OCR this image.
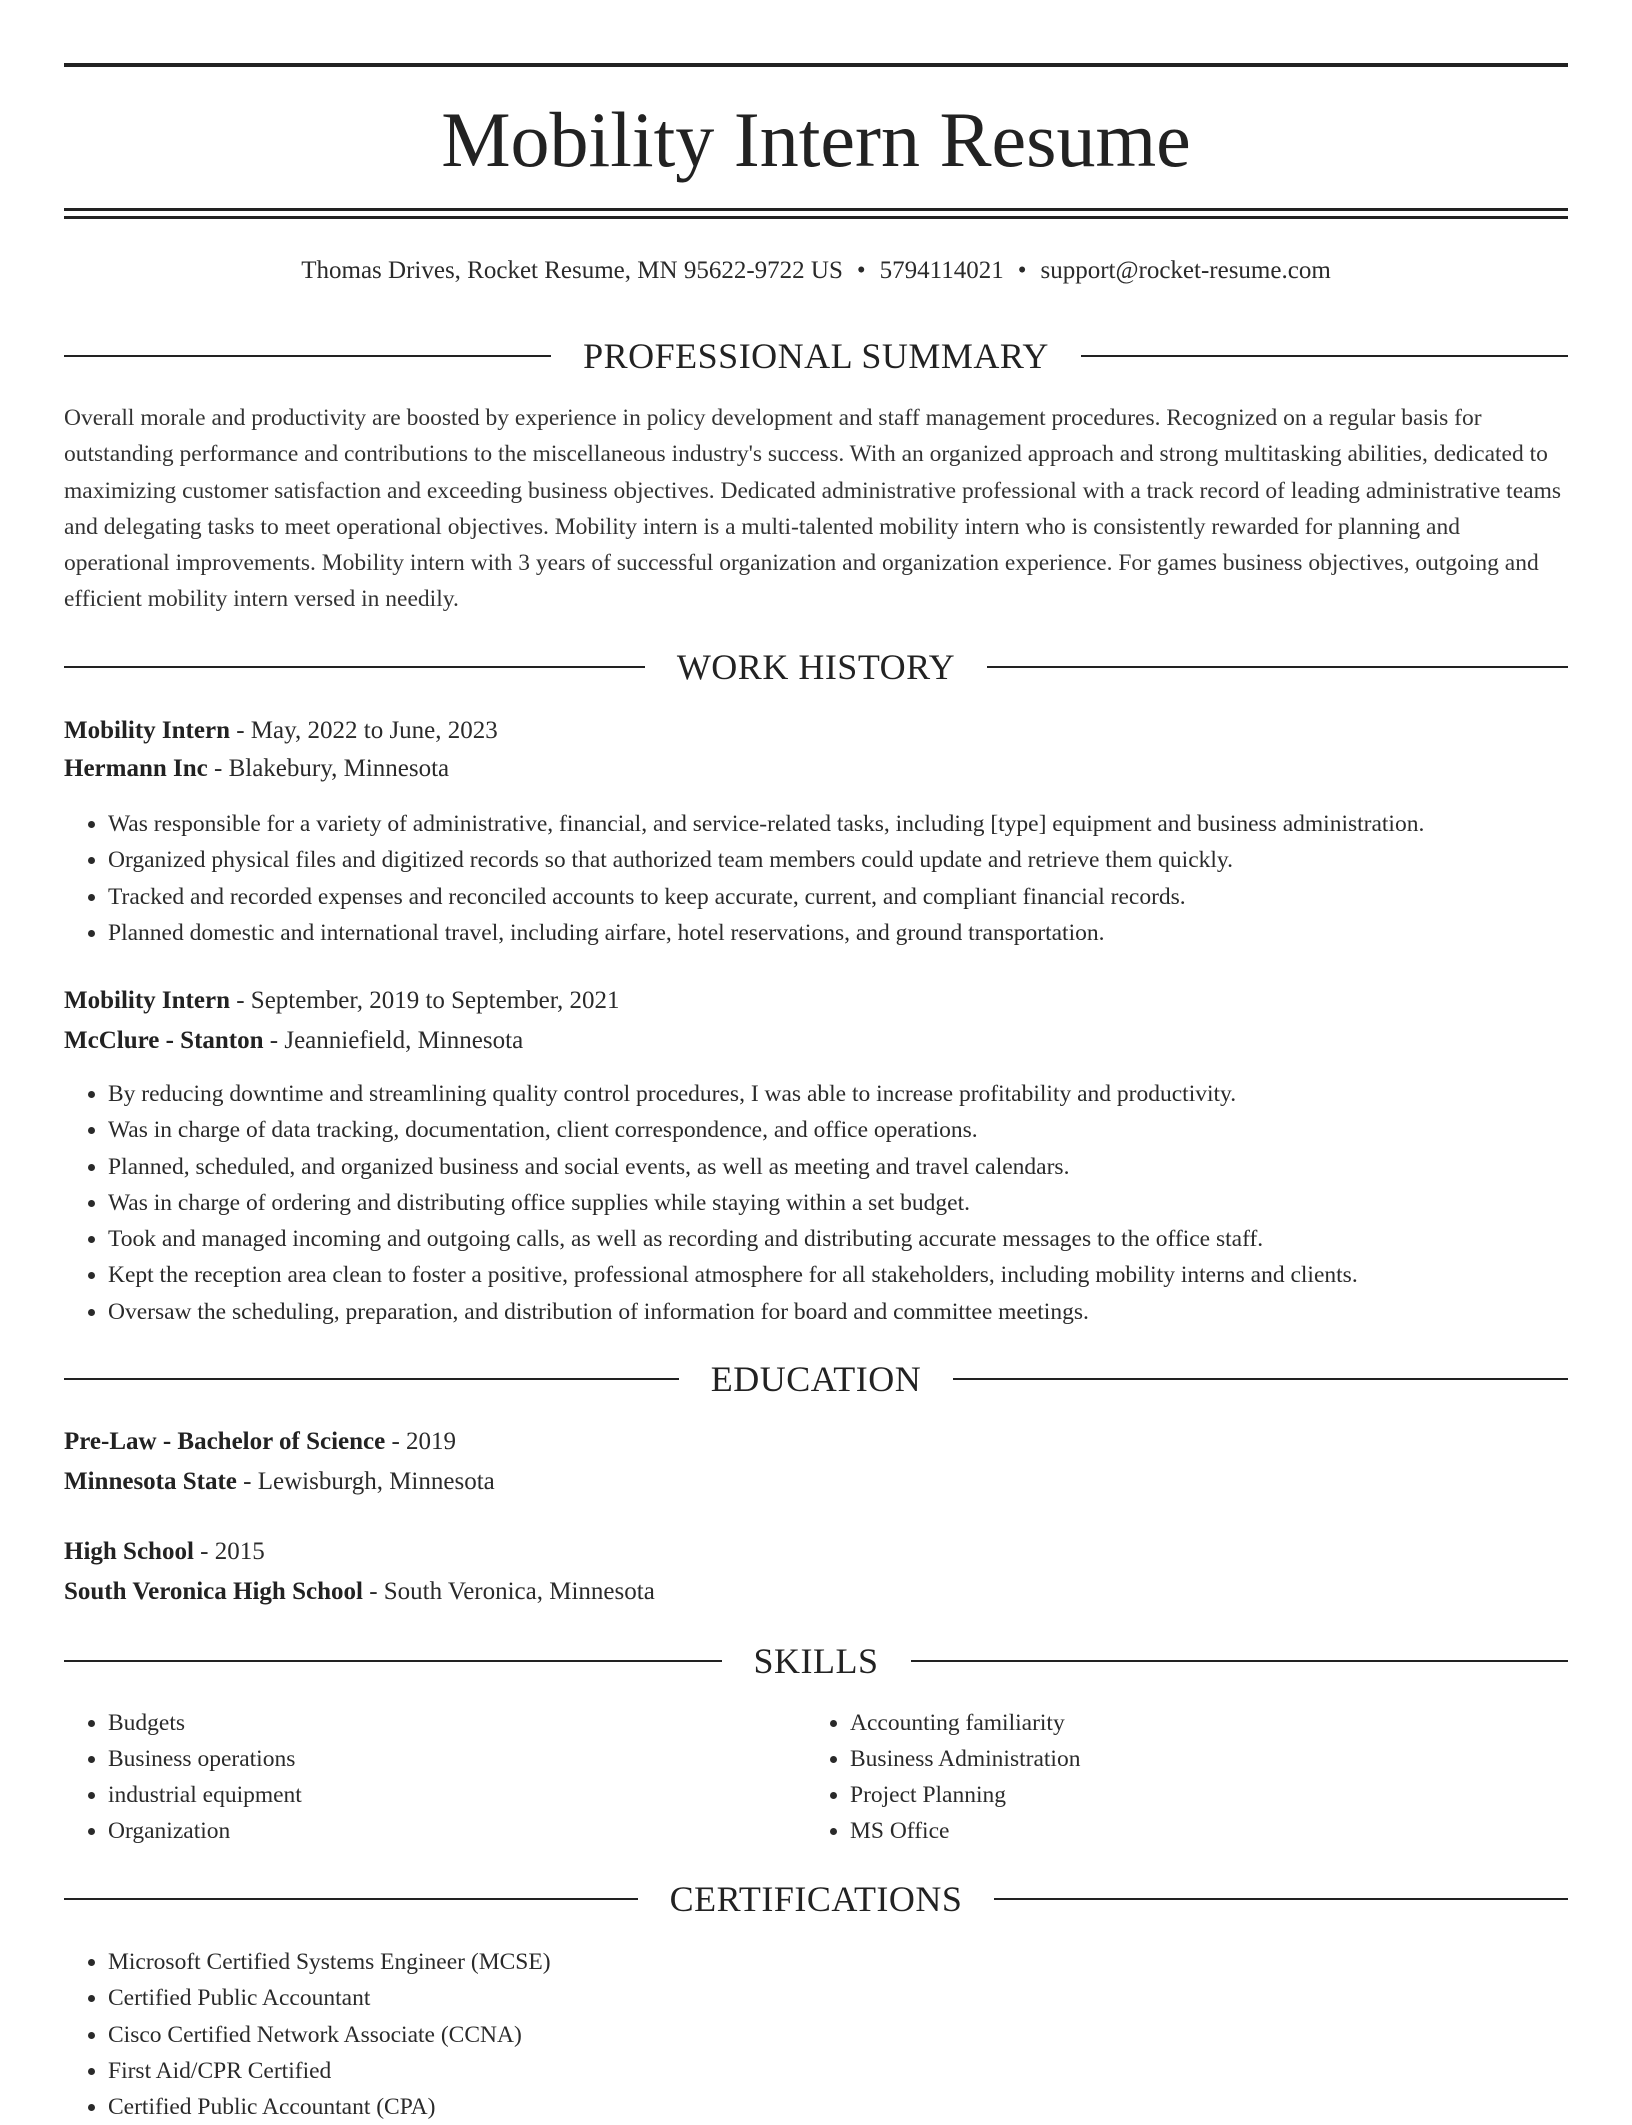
Mobility Intern Resume
Thomas Drives, Rocket Resume, MN 95622-9722 US • 5794114021 • support@rocket-resume.com
PROFESSIONAL SUMMARY

Overall morale and productivity are boosted by experience in policy development and staff management procedures. Recognized on a regular basis for outstanding performance and contributions to the miscellaneous industry's success. With an organized approach and strong multitasking abilities, dedicated to maximizing customer satisfaction and exceeding business objectives. Dedicated administrative professional with a track record of leading administrative teams and delegating tasks to meet operational objectives. Mobility intern is a multi-talented mobility intern who is consistently rewarded for planning and operational improvements. Mobility intern with 3 years of successful organization and organization experience. For games business objectives, outgoing and efficient mobility intern versed in needily.

WORK HISTORY
Mobility Intern - May, 2022 to June, 2023
Hermann Inc - Blakebury, Minnesota
• Was responsible for a variety of administrative, financial, and service-related tasks, including [type] equipment and business administration.
• Organized physical files and digitized records so that authorized team members could update and retrieve them quickly.
• Tracked and recorded expenses and reconciled accounts to keep accurate, current, and compliant financial records.
• Planned domestic and international travel, including airfare, hotel reservations, and ground transportation.
Mobility Intern - September, 2019 to September, 2021
McClure - Stanton - Jeanniefield, Minnesota
• By reducing downtime and streamlining quality control procedures, I was able to increase profitability and productivity.
• Was in charge of data tracking, documentation, client correspondence, and office operations.
• Planned, scheduled, and organized business and social events, as well as meeting and travel calendars.
• Was in charge of ordering and distributing office supplies while staying within a set budget.
• Took and managed incoming and outgoing calls, as well as recording and distributing accurate messages to the office staff.
• Kept the reception area clean to foster a positive, professional atmosphere for all stakeholders, including mobility interns and clients.
• Oversaw the scheduling, preparation, and distribution of information for board and committee meetings.
EDUCATION
Pre-Law - Bachelor of Science - 2019
Minnesota State - Lewisburgh, Minnesota
High School - 2015
South Veronica High School - South Veronica, Minnesota
SKILLS
• Budgets
• Business operations
• industrial equipment
• Organization
• Accounting familiarity
• Business Administration
• Project Planning
• MS Office
CERTIFICATIONS
• Microsoft Certified Systems Engineer (MCSE)
• Certified Public Accountant
• Cisco Certified Network Associate (CCNA)
• First Aid/CPR Certified
• Certified Public Accountant (CPA)
